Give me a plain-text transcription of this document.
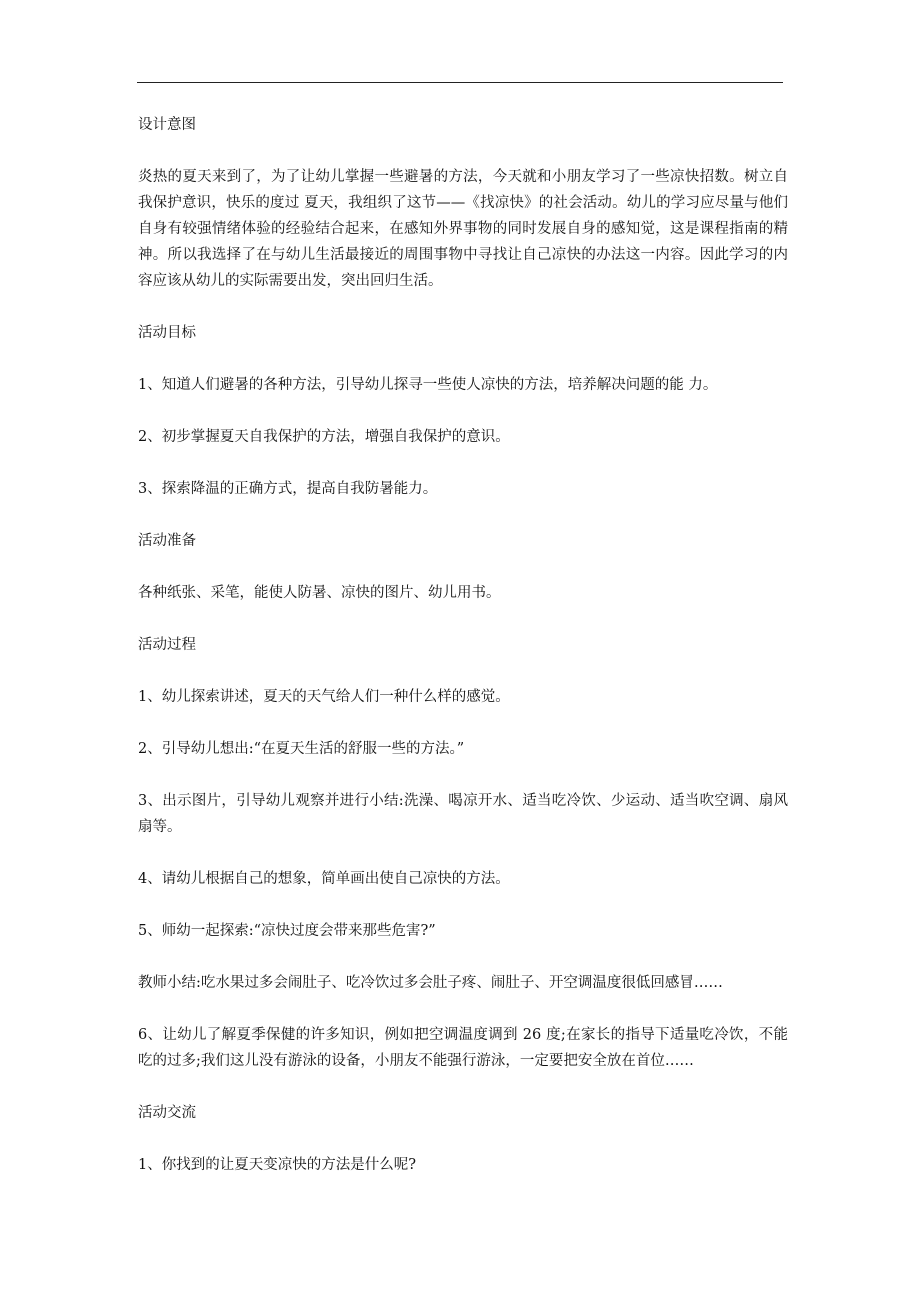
设计意图

炎热的夏天来到了，为了让幼儿掌握一些避暑的方法，今天就和小朋友学习了一些凉快招数。树立自我保护意识，快乐的度过 夏天，我组织了这节——《找凉快》的社会活动。幼儿的学习应尽量与他们自身有较强情绪体验的经验结合起来，在感知外界事物的同时发展自身的感知觉，这是课程指南的精神。所以我选择了在与幼儿生活最接近的周围事物中寻找让自己凉快的办法这一内容。因此学习的内容应该从幼儿的实际需要出发，突出回归生活。

活动目标

1、知道人们避暑的各种方法，引导幼儿探寻一些使人凉快的方法，培养解决问题的能 力。

2、初步掌握夏天自我保护的方法，增强自我保护的意识。

3、探索降温的正确方式，提高自我防暑能力。

活动准备

各种纸张、采笔，能使人防暑、凉快的图片、幼儿用书。

活动过程

1、幼儿探索讲述，夏天的天气给人们一种什么样的感觉。

2、引导幼儿想出:“在夏天生活的舒服一些的方法。”

3、出示图片，引导幼儿观察并进行小结:洗澡、喝凉开水、适当吃冷饮、少运动、适当吹空调、扇风扇等。

4、请幼儿根据自己的想象，简单画出使自己凉快的方法。

5、师幼一起探索:“凉快过度会带来那些危害?”

教师小结:吃水果过多会闹肚子、吃冷饮过多会肚子疼、闹肚子、开空调温度很低回感冒……

6、让幼儿了解夏季保健的许多知识，例如把空调温度调到 26 度;在家长的指导下适量吃冷饮，不能吃的过多;我们这儿没有游泳的设备，小朋友不能强行游泳，一定要把安全放在首位……

活动交流

1、你找到的让夏天变凉快的方法是什么呢?
